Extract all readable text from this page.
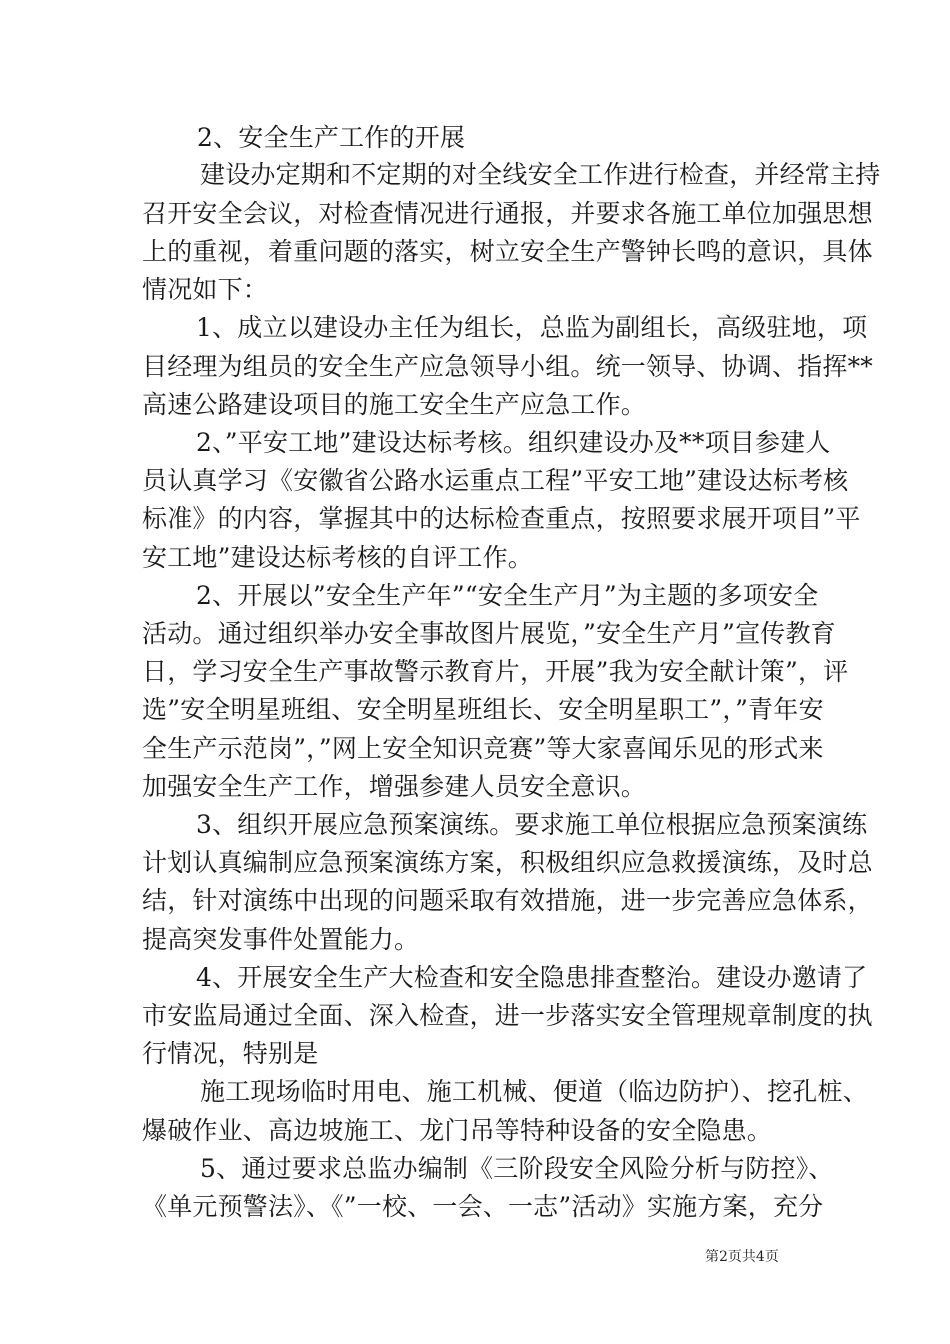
2、安全生产工作的开展
建设办定期和不定期的对全线安全工作进行检查，并经常主持
召开安全会议，对检查情况进行通报，并要求各施工单位加强思想
上的重视，着重问题的落实，树立安全生产警钟长鸣的意识，具体
情况如下：
1、成立以建设办主任为组长，总监为副组长，高级驻地，项
目经理为组员的安全生产应急领导小组。统一领导、协调、指挥**
高速公路建设项目的施工安全生产应急工作。
2、”平安工地”建设达标考核。组织建设办及**项目参建人
员认真学习《安徽省公路水运重点工程”平安工地”建设达标考核
标准》的内容，掌握其中的达标检查重点，按照要求展开项目”平
安工地”建设达标考核的自评工作。
2、开展以”安全生产年”“安全生产月”为主题的多项安全
活动。通过组织举办安全事故图片展览，”安全生产月”宣传教育
日，学习安全生产事故警示教育片，开展”我为安全献计策”，评
选”安全明星班组、安全明星班组长、安全明星职工”，”青年安
全生产示范岗”，”网上安全知识竞赛”等大家喜闻乐见的形式来
加强安全生产工作，增强参建人员安全意识。
3、组织开展应急预案演练。要求施工单位根据应急预案演练
计划认真编制应急预案演练方案，积极组织应急救援演练，及时总
结，针对演练中出现的问题采取有效措施，进一步完善应急体系，
提高突发事件处置能力。
4、开展安全生产大检查和安全隐患排查整治。建设办邀请了
市安监局通过全面、深入检查，进一步落实安全管理规章制度的执
行情况，特别是
施工现场临时用电、施工机械、便道（临边防护）、挖孔桩、
爆破作业、高边坡施工、龙门吊等特种设备的安全隐患。
5、通过要求总监办编制《三阶段安全风险分析与防控》、
《单元预警法》、《”一校、一会、一志”活动》实施方案，充分
第2页共4页
